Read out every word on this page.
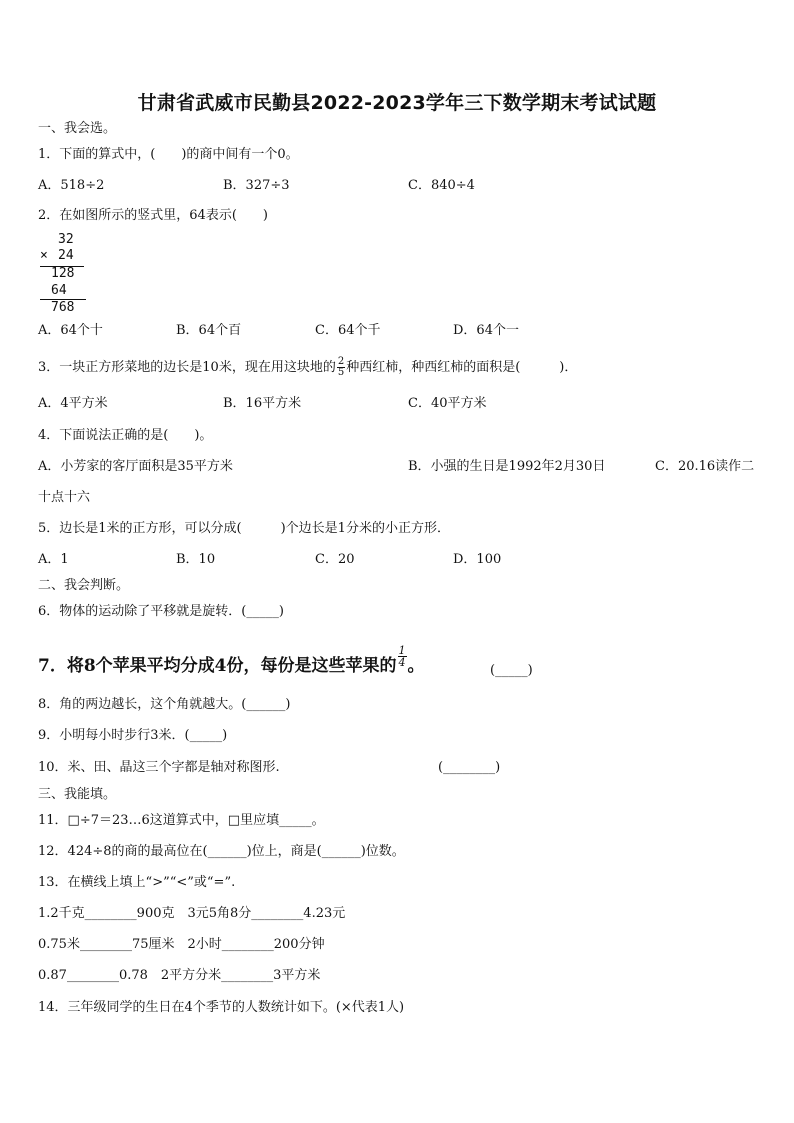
甘肃省武威市民勤县2022-2023学年三下数学期末考试试题
一、我会选。
1．下面的算式中，(　　)的商中间有一个0。
A．518÷2	B．327÷3	C．840÷4
2．在如图所示的竖式里，64表示(　　)
32
× 24
128
64
768
A．64个十	B．64个百	C．64个千	D．64个一
3．一块正方形菜地的边长是10米，现在用这块地的 $\frac{2}{5}$ 种西红柿，种西红柿的面积是(　　　)．
A．4平方米	B．16平方米	C．40平方米
4．下面说法正确的是(　　)。
A．小芳家的客厅面积是35平方米	B．小强的生日是1992年2月30日	C．20.16读作二
十点十六
5．边长是1米的正方形，可以分成(　　　)个边长是1分米的小正方形．
A．1	B．10	C．20	D．100
二、我会判断。
6．物体的运动除了平移就是旋转．(_____)
7．将8个苹果平均分成4份，每份是这些苹果的 $\frac{1}{4}$ 。	(_____)
8．角的两边越长，这个角就越大。(______)
9．小明每小时步行3米．(_____)
10．米、田、晶这三个字都是轴对称图形.	(________)
三、我能填。
11．□÷7＝23…6这道算式中，□里应填_____。
12．424÷8的商的最高位在(______)位上，商是(______)位数。
13．在横线上填上“>”“<”或“=”.
1.2千克________900克　3元5角8分________4.23元
0.75米________75厘米　2小时________200分钟
0.87________0.78　2平方分米________3平方米
14．三年级同学的生日在4个季节的人数统计如下。(×代表1人)
